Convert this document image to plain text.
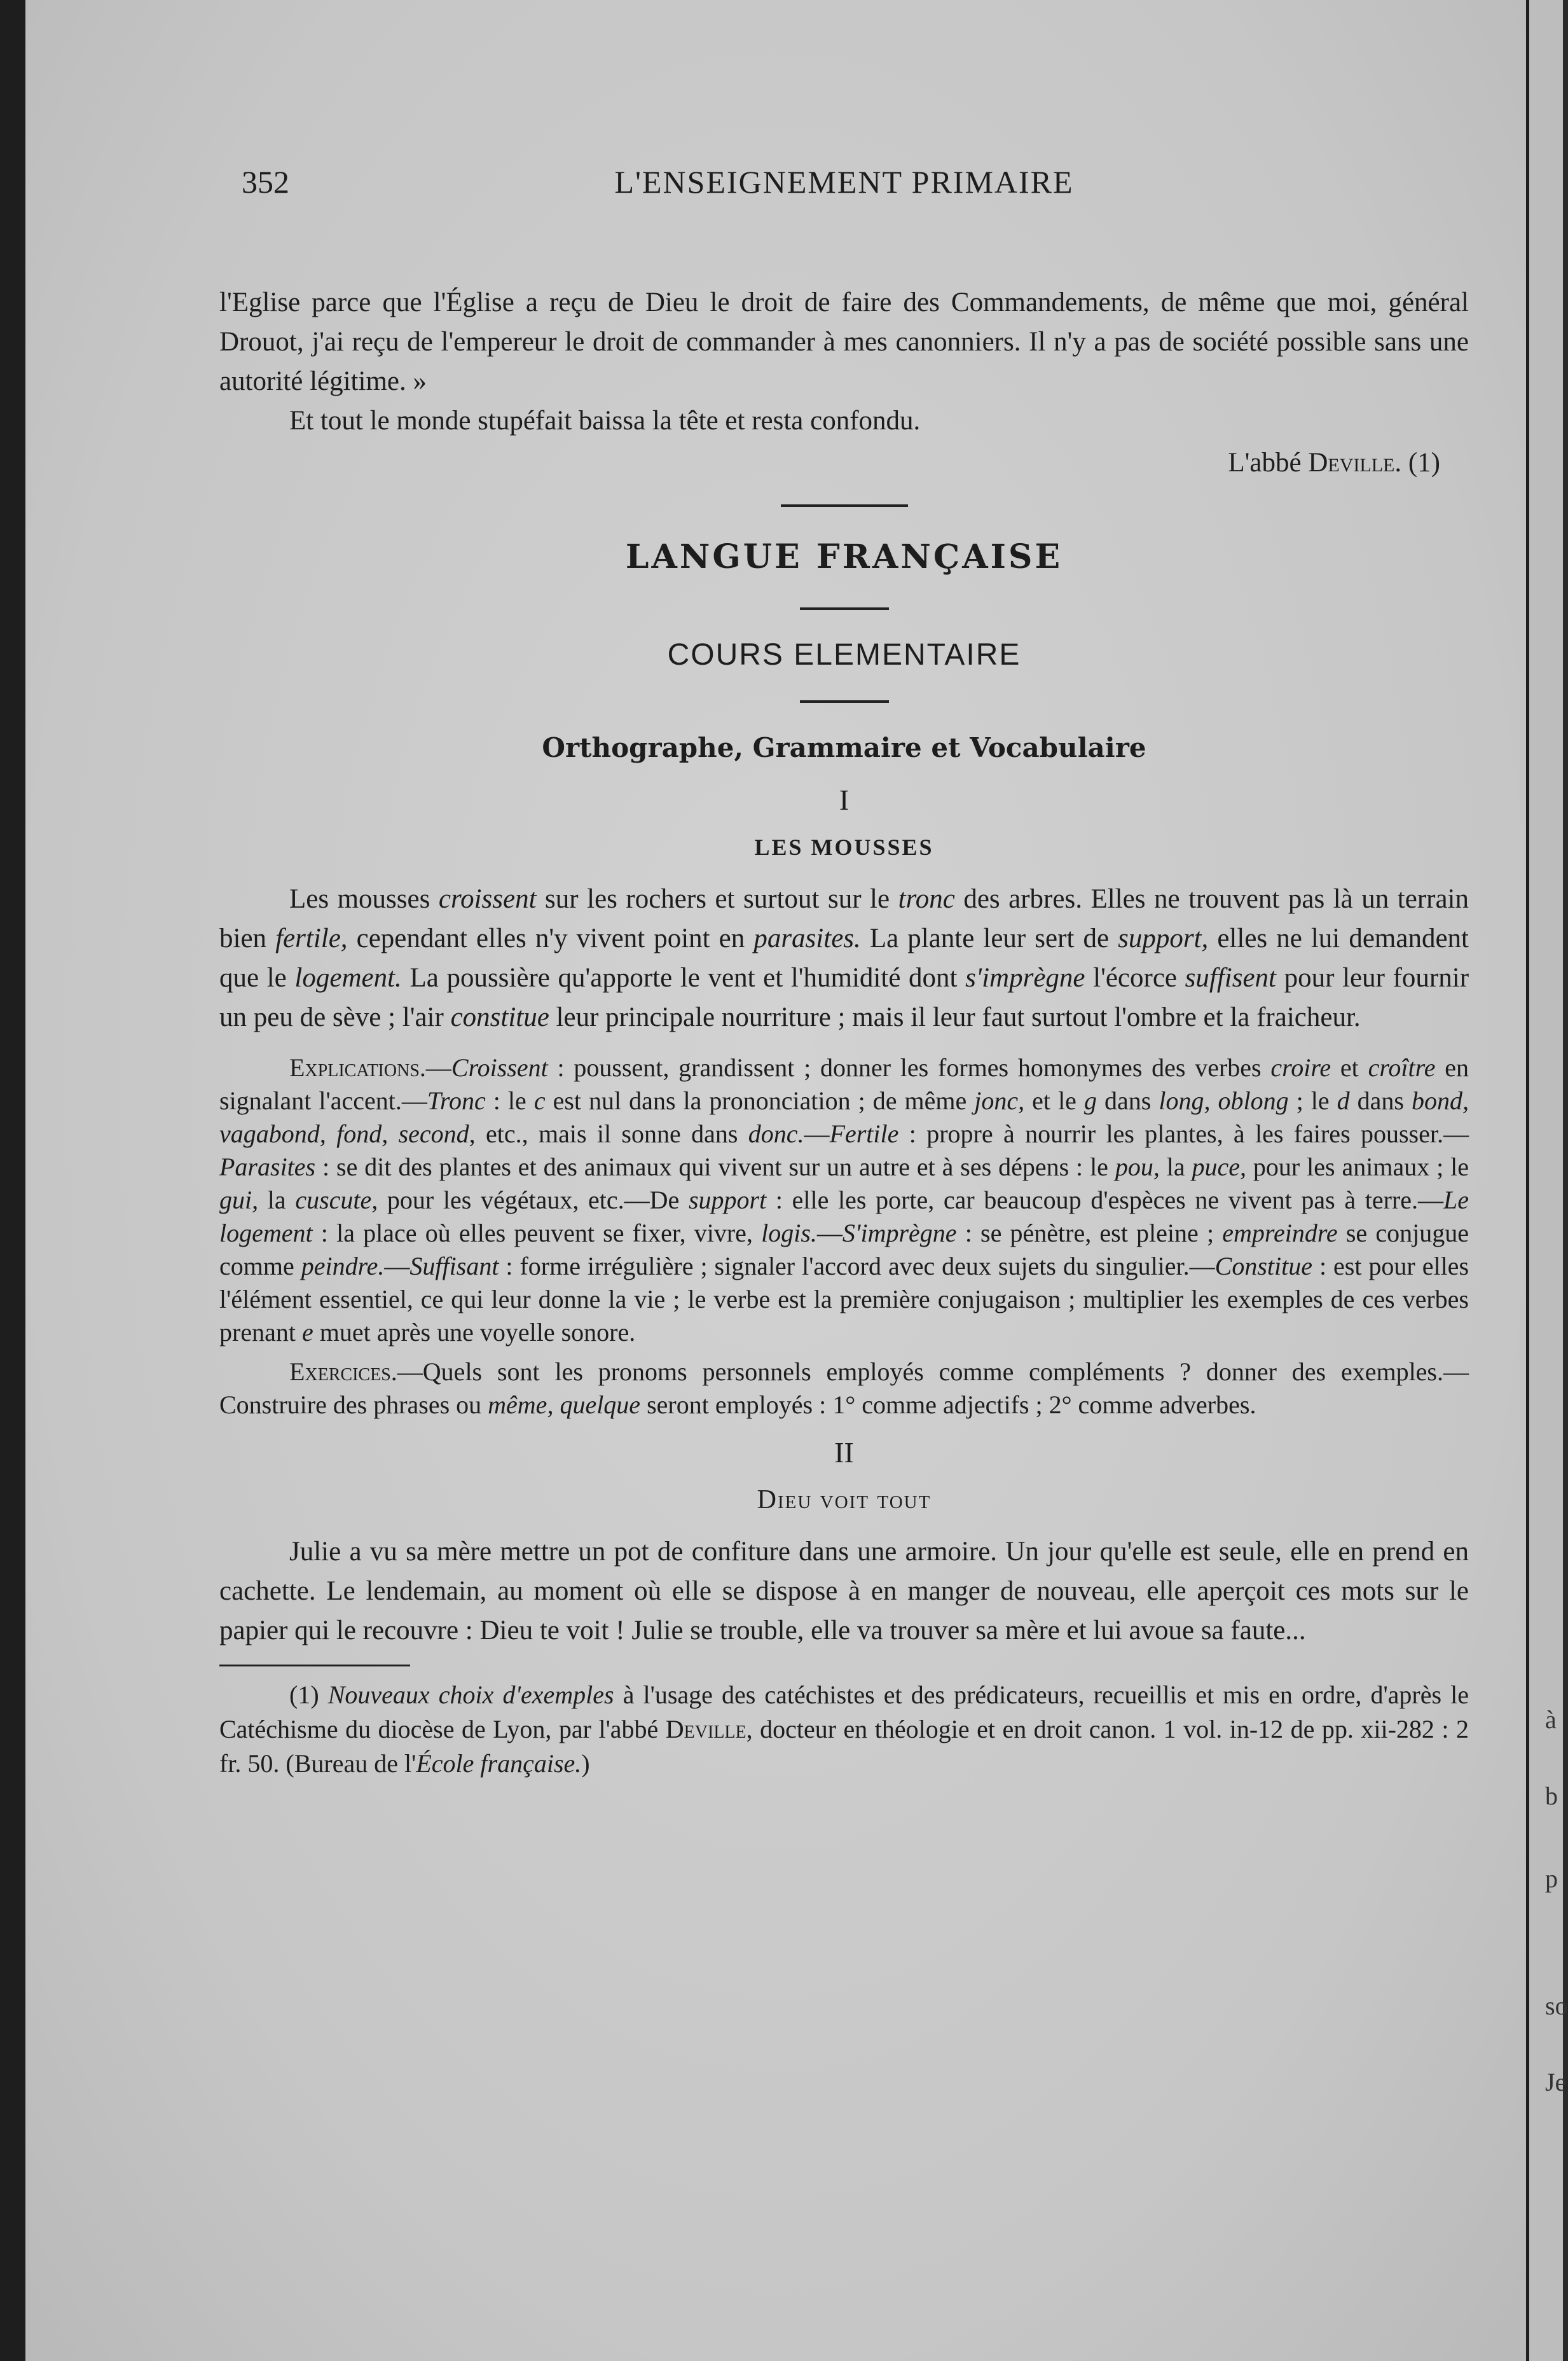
à
b
p
so
Je
352	L'ENSEIGNEMENT PRIMAIRE

l'Eglise parce que l'Église a reçu de Dieu le droit de faire des Commandements, de même que moi, général Drouot, j'ai reçu de l'empereur le droit de commander à mes canonniers. Il n'y a pas de société possible sans une autorité légitime. »

Et tout le monde stupéfait baissa la tête et resta confondu.

L'abbé Deville. (1)

LANGUE FRANÇAISE
COURS ELEMENTAIRE
Orthographe, Grammaire et Vocabulaire
I
LES MOUSSES

Les mousses croissent sur les rochers et surtout sur le tronc des arbres. Elles ne trouvent pas là un terrain bien fertile, cependant elles n'y vivent point en parasites. La plante leur sert de support, elles ne lui demandent que le logement. La poussière qu'apporte le vent et l'humidité dont s'imprègne l'écorce suffisent pour leur fournir un peu de sève ; l'air constitue leur principale nourriture ; mais il leur faut surtout l'ombre et la fraicheur.

Explications.—Croissent : poussent, grandissent ; donner les formes homonymes des verbes croire et croître en signalant l'accent.—Tronc : le c est nul dans la prononciation ; de même jonc, et le g dans long, oblong ; le d dans bond, vagabond, fond, second, etc., mais il sonne dans donc.—Fertile : propre à nourrir les plantes, à les faires pousser.—Parasites : se dit des plantes et des animaux qui vivent sur un autre et à ses dépens : le pou, la puce, pour les animaux ; le gui, la cuscute, pour les végétaux, etc.—De support : elle les porte, car beaucoup d'espèces ne vivent pas à terre.—Le logement : la place où elles peuvent se fixer, vivre, logis.—S'imprègne : se pénètre, est pleine ; empreindre se conjugue comme peindre.—Suffisant : forme irrégulière ; signaler l'accord avec deux sujets du singulier.—Constitue : est pour elles l'élément essentiel, ce qui leur donne la vie ; le verbe est la première conjugaison ; multiplier les exemples de ces verbes prenant e muet après une voyelle sonore.

Exercices.—Quels sont les pronoms personnels employés comme compléments ? donner des exemples.—Construire des phrases ou même, quelque seront employés : 1° comme adjectifs ; 2° comme adverbes.

II
Dieu voit tout

Julie a vu sa mère mettre un pot de confiture dans une armoire. Un jour qu'elle est seule, elle en prend en cachette. Le lendemain, au moment où elle se dispose à en manger de nouveau, elle aperçoit ces mots sur le papier qui le recouvre : Dieu te voit ! Julie se trouble, elle va trouver sa mère et lui avoue sa faute...

(1) Nouveaux choix d'exemples à l'usage des catéchistes et des prédicateurs, recueillis et mis en ordre, d'après le Catéchisme du diocèse de Lyon, par l'abbé Deville, docteur en théologie et en droit canon. 1 vol. in-12 de pp. xii-282 : 2 fr. 50. (Bureau de l'École française.)
